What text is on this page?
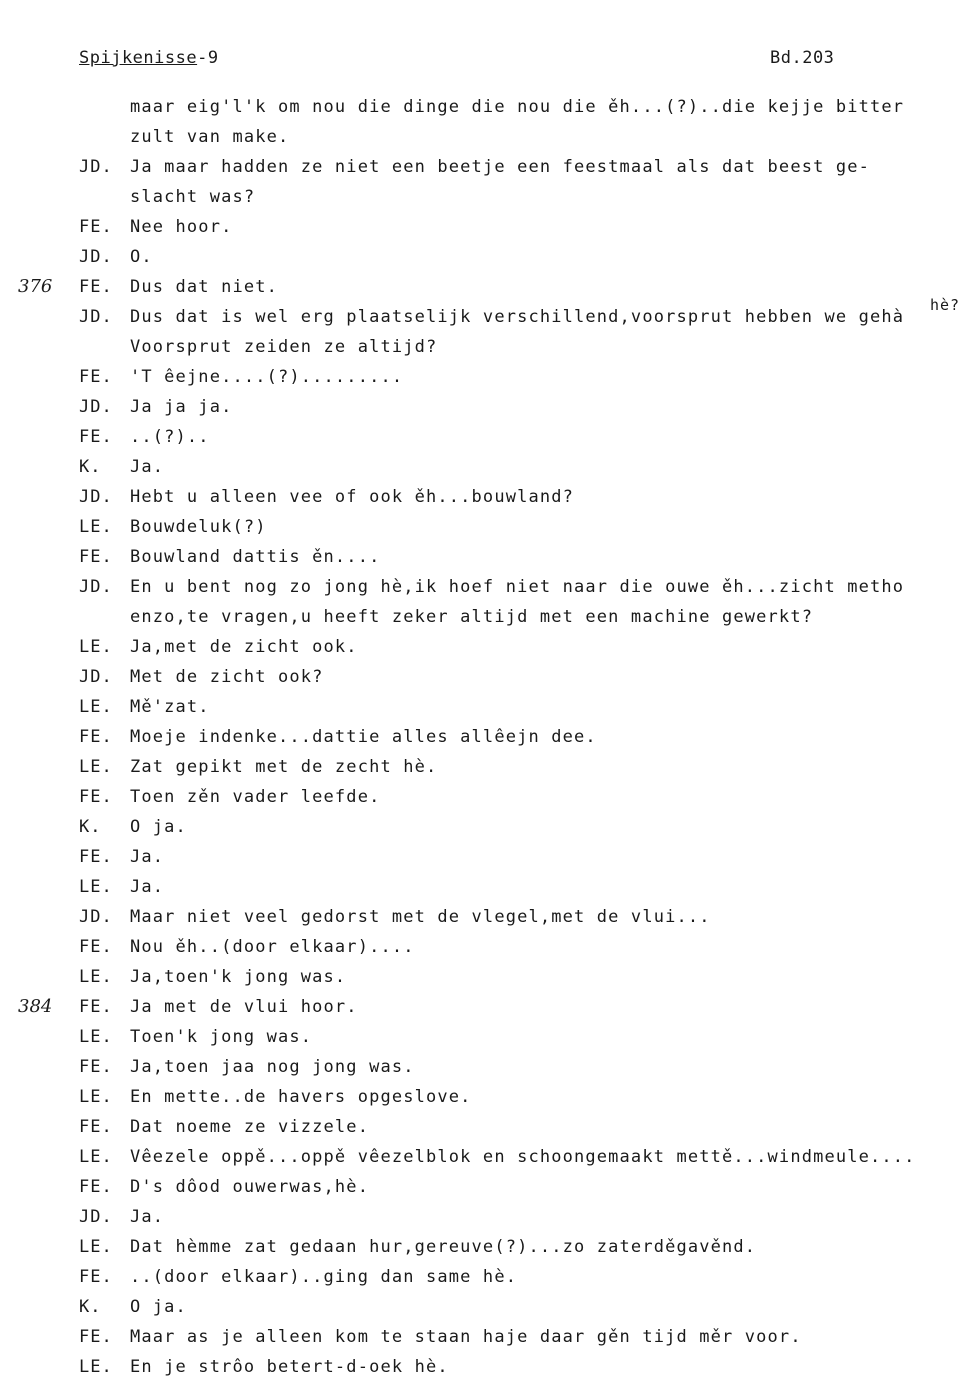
Spijkenisse-9	Bd.203
hè?
maar eig'l'k om nou die dinge die nou die ěh...(?)..die kejje bitter
zult van make.
JD. Ja maar hadden ze niet een beetje een feestmaal als dat beest ge-
slacht was?
FE. Nee hoor.
JD. O.
376 FE. Dus dat niet.
JD. Dus dat is wel erg plaatselijk verschillend,voorsprut hebben we gehà
Voorsprut zeiden ze altijd?
FE. 'T êejne....(?).........
JD. Ja ja ja.
FE. ..(?)..
K. Ja.
JD. Hebt u alleen vee of ook ěh...bouwland?
LE. Bouwdeluk(?)
FE. Bouwland dattis ěn....
JD. En u bent nog zo jong hè,ik hoef niet naar die ouwe ěh...zicht metho
enzo,te vragen,u heeft zeker altijd met een machine gewerkt?
LE. Ja,met de zicht ook.
JD. Met de zicht ook?
LE. Mě'zat.
FE. Moeje indenke...dattie alles allêejn dee.
LE. Zat gepikt met de zecht hè.
FE. Toen zěn vader leefde.
K. O ja.
FE. Ja.
LE. Ja.
JD. Maar niet veel gedorst met de vlegel,met de vlui...
FE. Nou ěh..(door elkaar)....
LE. Ja,toen'k jong was.
384 FE. Ja met de vlui hoor.
LE. Toen'k jong was.
FE. Ja,toen jaa nog jong was.
LE. En mette..de havers opgeslove.
FE. Dat noeme ze vizzele.
LE. Vêezele oppě...oppě vêezelblok en schoongemaakt mettě...windmeule....
FE. D's dôod ouwerwas,hè.
JD. Ja.
LE. Dat hèmme zat gedaan hur,gereuve(?)...zo zaterděgavěnd.
FE. ..(door elkaar)..ging dan same hè.
K. O ja.
FE. Maar as je alleen kom te staan haje daar gěn tijd měr voor.
LE. En je strôo betert-d-oek hè.
